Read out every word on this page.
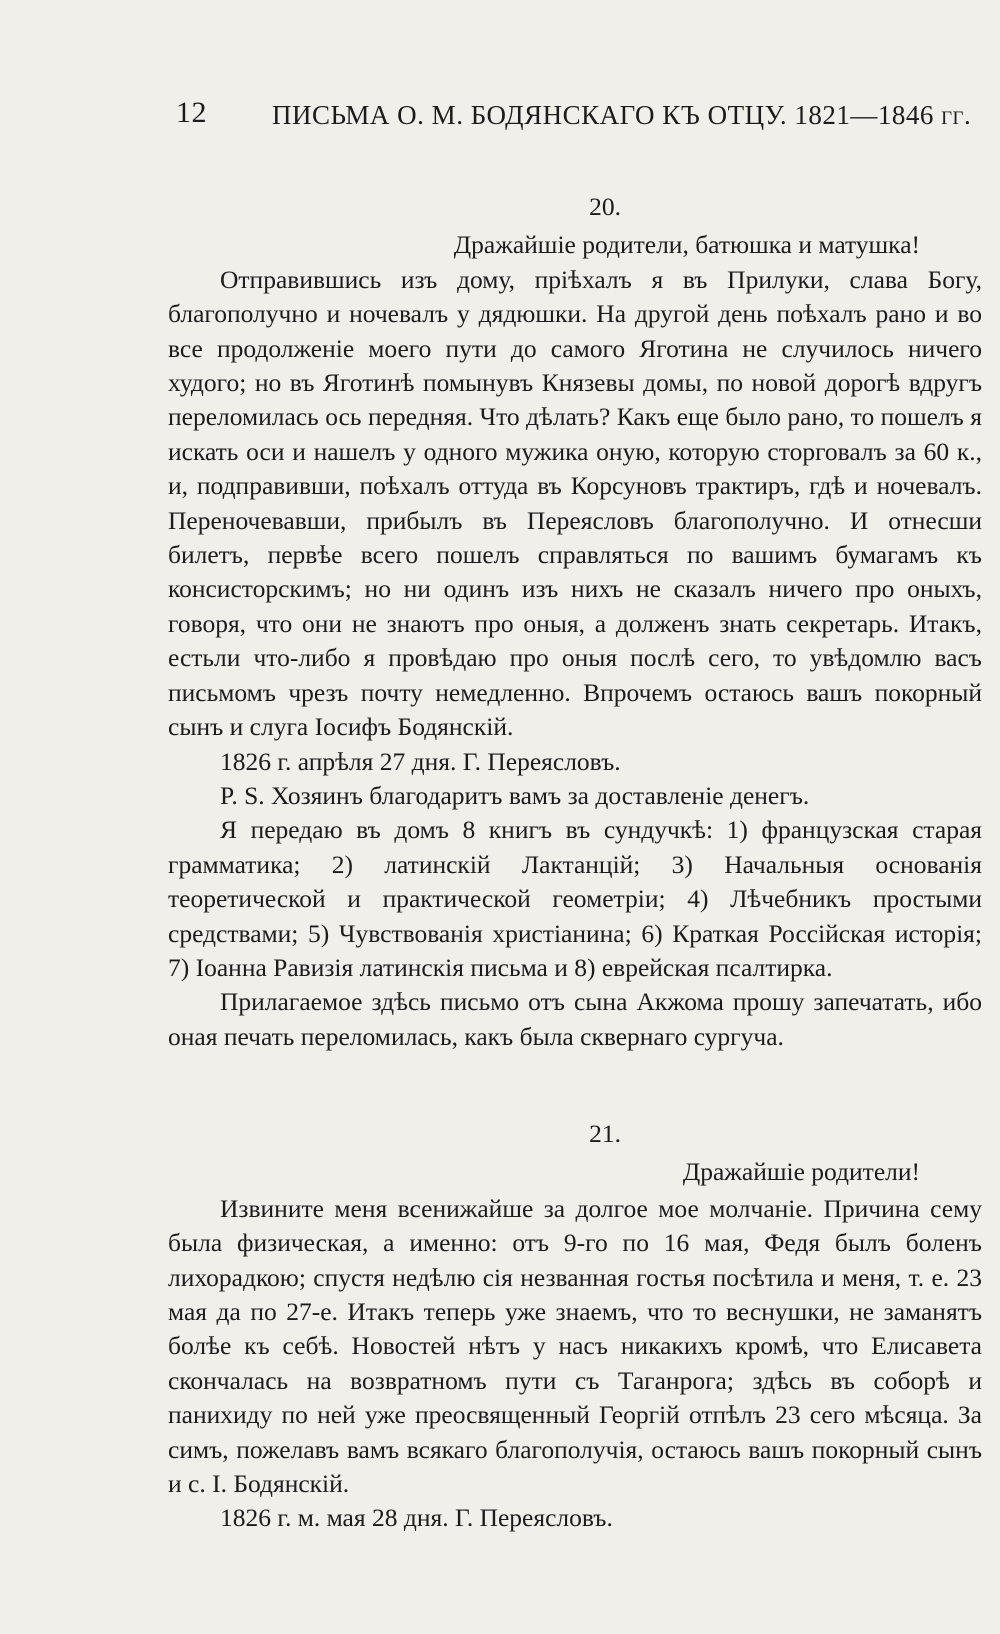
12 ПИСЬМА О. М. БОДЯНСКАГО КЪ ОТЦУ. 1821—1846 гг.
20.
Дражайшіе родители, батюшка и матушка!

Отправившись изъ дому, пріѣхалъ я въ Прилуки, слава Богу, благополучно и ночевалъ у дядюшки. На другой день поѣхалъ рано и во все продолженіе моего пути до самого Яготина не случилось ничего худого; но въ Яготинѣ помынувъ Князевы домы, по новой дорогѣ вдругъ переломилась ось передняя. Что дѣлать? Какъ еще было рано, то пошелъ я искать оси и нашелъ у одного мужика оную, которую сторговалъ за 60 к., и, подправивши, поѣхалъ оттуда въ Корсуновъ трактиръ, гдѣ и ночевалъ. Переночевавши, прибылъ въ Переясловъ благополучно. И отнесши билетъ, первѣе всего пошелъ справляться по вашимъ бумагамъ къ консисторскимъ; но ни одинъ изъ нихъ не сказалъ ничего про оныхъ, говоря, что они не знаютъ про оныя, а долженъ знать секретарь. Итакъ, естьли что-либо я провѣдаю про оныя послѣ сего, то увѣдомлю васъ письмомъ чрезъ почту немедленно. Впрочемъ остаюсь вашъ покорный сынъ и слуга Іосифъ Бодянскій.

1826 г. апрѣля 27 дня. Г. Переясловъ.

P. S. Хозяинъ благодаритъ вамъ за доставленіе денегъ.

Я передаю въ домъ 8 книгъ въ сундучкѣ: 1) французская старая грамматика; 2) латинскій Лактанцій; 3) Начальныя основанія теоретической и практической геометріи; 4) Лѣчебникъ простыми средствами; 5) Чувствованія христіанина; 6) Краткая Россійская исторія; 7) Іоанна Равизія латинскія письма и 8) еврейская псалтирка.

Прилагаемое здѣсь письмо отъ сына Акжома прошу запечатать, ибо оная печать переломилась, какъ была сквернаго сургуча.

21.
Дражайшіе родители!

Извините меня всенижайше за долгое мое молчаніе. Причина сему была физическая, а именно: отъ 9-го по 16 мая, Федя былъ боленъ лихорадкою; спустя недѣлю сія незванная гостья посѣтила и меня, т. е. 23 мая да по 27-е. Итакъ теперь уже знаемъ, что то веснушки, не заманятъ болѣе къ себѣ. Новостей нѣтъ у насъ никакихъ кромѣ, что Елисавета скончалась на возвратномъ пути съ Таганрога; здѣсь въ соборѣ и панихиду по ней уже преосвященный Георгій отпѣлъ 23 сего мѣсяца. За симъ, пожелавъ вамъ всякаго благополучія, остаюсь вашъ покорный сынъ и с. І. Бодянскій.

1826 г. м. мая 28 дня. Г. Переясловъ.
